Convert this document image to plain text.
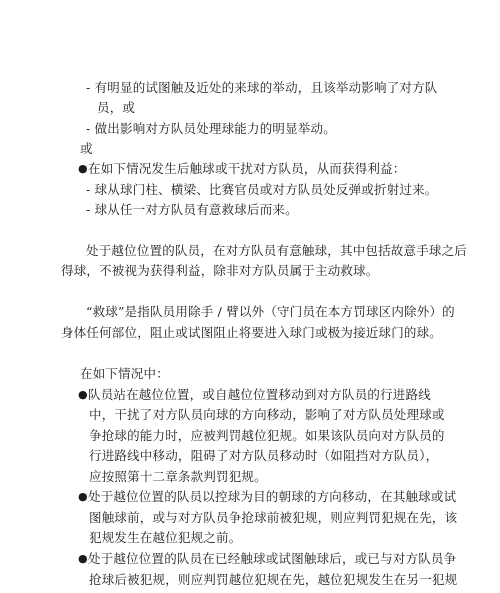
- 有明显的试图触及近处的来球的举动，且该举动影响了对方队
员，或
- 做出影响对方队员处理球能力的明显举动。
或
● 在如下情况发生后触球或干扰对方队员，从而获得利益：
- 球从球门柱、横梁、比赛官员或对方队员处反弹或折射过来。
- 球从任一对方队员有意救球后而来。
处于越位位置的队员，在对方队员有意触球，其中包括故意手球之后
得球，不被视为获得利益，除非对方队员属于主动救球。
“救球”是指队员用除手 / 臂以外（守门员在本方罚球区内除外）的
身体任何部位，阻止或试图阻止将要进入球门或极为接近球门的球。
在如下情况中：
● 队员站在越位位置，或自越位位置移动到对方队员的行进路线
中，干扰了对方队员向球的方向移动，影响了对方队员处理球或
争抢球的能力时，应被判罚越位犯规。如果该队员向对方队员的
行进路线中移动，阻碍了对方队员移动时（如阻挡对方队员），
应按照第十二章条款判罚犯规。
● 处于越位位置的队员以控球为目的朝球的方向移动，在其触球或试
图触球前，或与对方队员争抢球前被犯规，则应判罚犯规在先，该
犯规发生在越位犯规之前。
● 处于越位位置的队员在已经触球或试图触球后，或已与对方队员争
抢球后被犯规，则应判罚越位犯规在先，越位犯规发生在另一犯规
